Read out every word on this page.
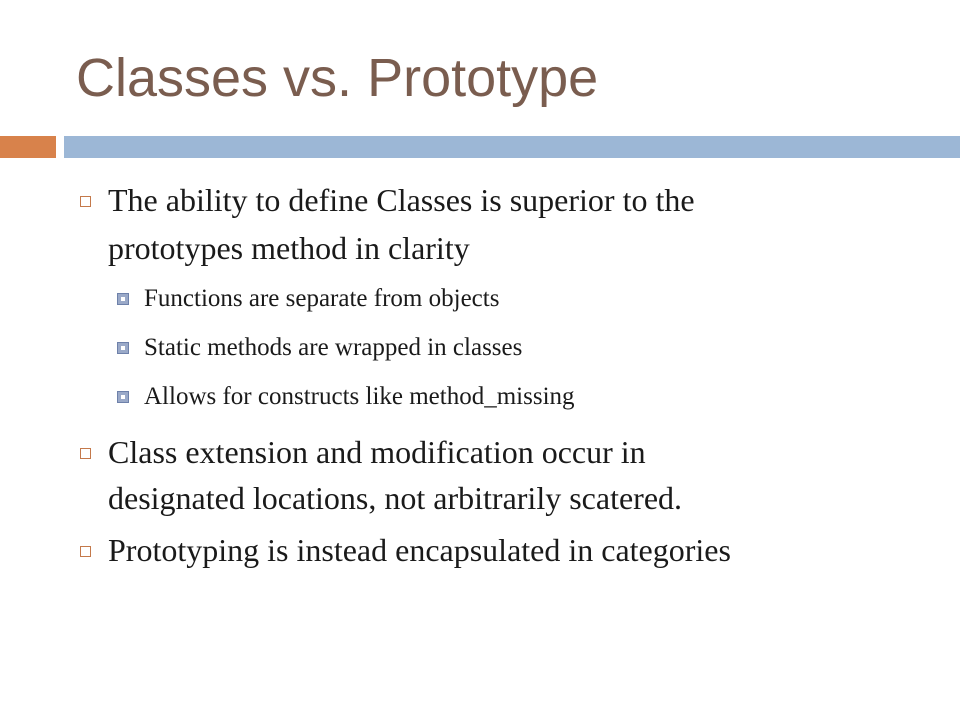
Classes vs. Prototype
The ability to define Classes is superior to the
prototypes method in clarity
Functions are separate from objects
Static methods are wrapped in classes
Allows for constructs like method_missing
Class extension and modification occur in
designated locations, not arbitrarily scatered.
Prototyping is instead encapsulated in categories
